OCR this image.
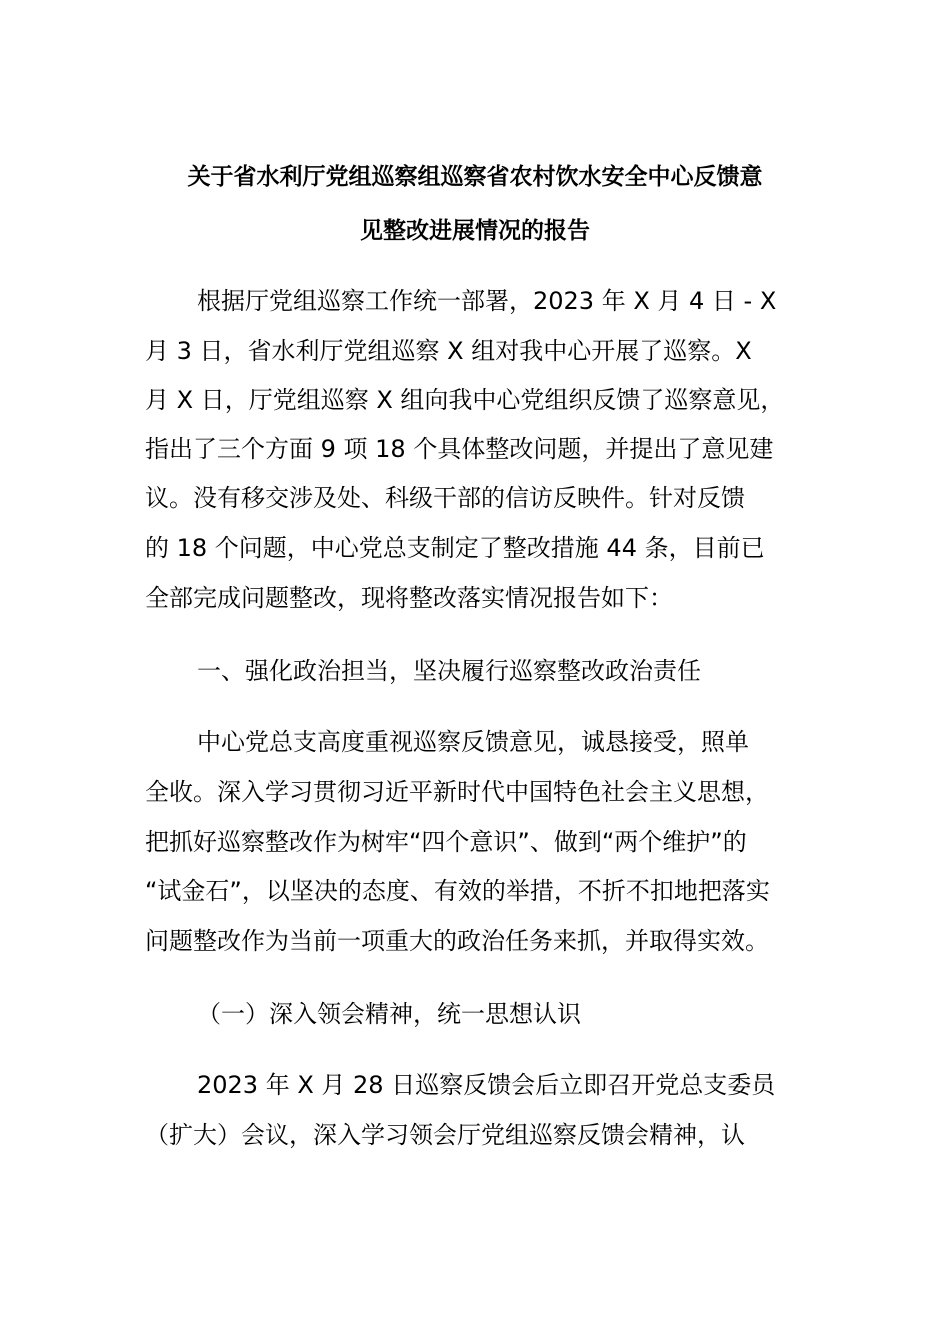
关于省水利厅党组巡察组巡察省农村饮水安全中心反馈意
见整改进展情况的报告

根据厅党组巡察工作统一部署，2023 年 X 月 4 日 - X

月 3 日，省水利厅党组巡察 X 组对我中心开展了巡察。X

月 X 日，厅党组巡察 X 组向我中心党组织反馈了巡察意见，

指出了三个方面 9 项 18 个具体整改问题，并提出了意见建

议。没有移交涉及处、科级干部的信访反映件。针对反馈

的 18 个问题，中心党总支制定了整改措施 44 条，目前已

全部完成问题整改，现将整改落实情况报告如下：

一、强化政治担当，坚决履行巡察整改政治责任

中心党总支高度重视巡察反馈意见，诚恳接受，照单

全收。深入学习贯彻习近平新时代中国特色社会主义思想，

把抓好巡察整改作为树牢“四个意识”、做到“两个维护”的

“试金石”，以坚决的态度、有效的举措，不折不扣地把落实

问题整改作为当前一项重大的政治任务来抓，并取得实效。

（一）深入领会精神，统一思想认识

2023 年 X 月 28 日巡察反馈会后立即召开党总支委员

（扩大）会议，深入学习领会厅党组巡察反馈会精神，认
